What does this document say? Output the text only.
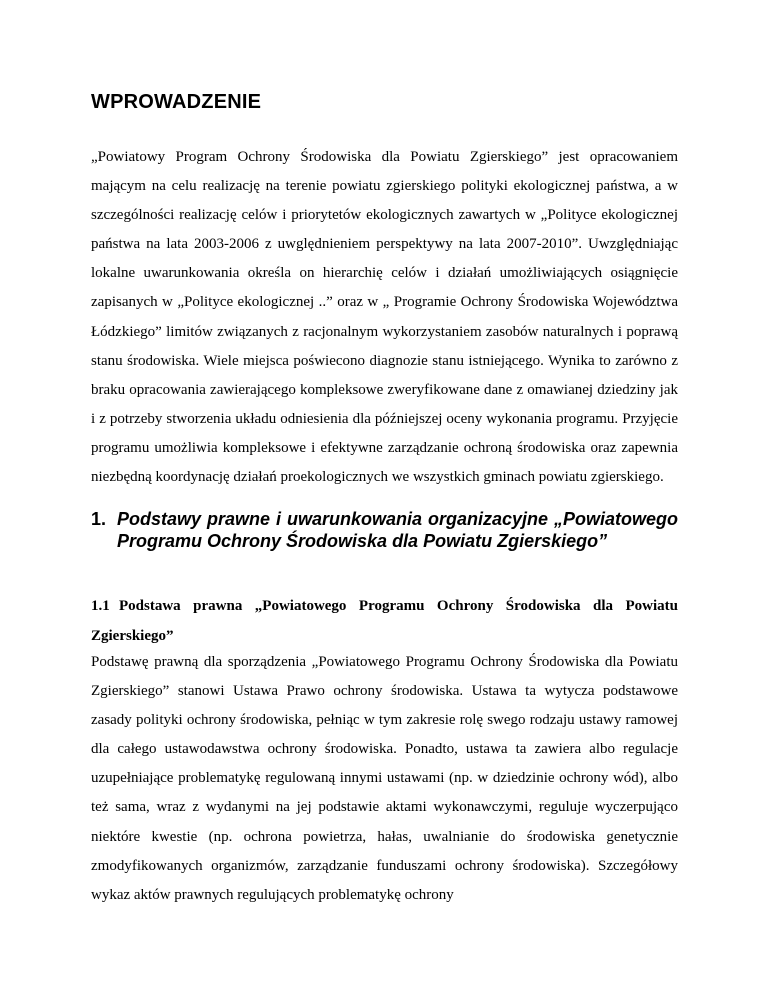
WPROWADZENIE

„Powiatowy Program Ochrony Środowiska dla Powiatu Zgierskiego” jest opracowaniem mającym na celu realizację na terenie powiatu zgierskiego polityki ekologicznej państwa, a w szczególności realizację celów i priorytetów ekologicznych zawartych w „Polityce ekologicznej państwa na lata 2003-2006 z uwględnieniem perspektywy na lata 2007-2010”. Uwzględniając lokalne uwarunkowania określa on hierarchię celów i działań umożliwiających osiągnięcie zapisanych w „Polityce ekologicznej ..” oraz w „ Programie Ochrony Środowiska Województwa Łódzkiego” limitów związanych z racjonalnym wykorzystaniem zasobów naturalnych i poprawą stanu środowiska. Wiele miejsca poświecono diagnozie stanu istniejącego. Wynika to zarówno z braku opracowania zawierającego kompleksowe zweryfikowane dane z omawianej dziedziny jak i z potrzeby stworzenia układu odniesienia dla późniejszej oceny wykonania programu. Przyjęcie programu umożliwia kompleksowe i efektywne zarządzanie ochroną środowiska oraz zapewnia niezbędną koordynację działań proekologicznych we wszystkich gminach powiatu zgierskiego.

1. Podstawy prawne i uwarunkowania organizacyjne „Powiatowego Programu Ochrony Środowiska dla Powiatu Zgierskiego”
1.1 Podstawa prawna „Powiatowego Programu Ochrony Środowiska dla Powiatu Zgierskiego”

Podstawę prawną dla sporządzenia „Powiatowego Programu Ochrony Środowiska dla Powiatu Zgierskiego” stanowi Ustawa Prawo ochrony środowiska. Ustawa ta wytycza podstawowe zasady polityki ochrony środowiska, pełniąc w tym zakresie rolę swego rodzaju ustawy ramowej dla całego ustawodawstwa ochrony środowiska. Ponadto, ustawa ta zawiera albo regulacje uzupełniające problematykę regulowaną innymi ustawami (np. w dziedzinie ochrony wód), albo też sama, wraz z wydanymi na jej podstawie aktami wykonawczymi, reguluje wyczerpująco niektóre kwestie (np. ochrona powietrza, hałas, uwalnianie do środowiska genetycznie zmodyfikowanych organizmów, zarządzanie funduszami ochrony środowiska). Szczegółowy wykaz aktów prawnych regulujących problematykę ochrony
